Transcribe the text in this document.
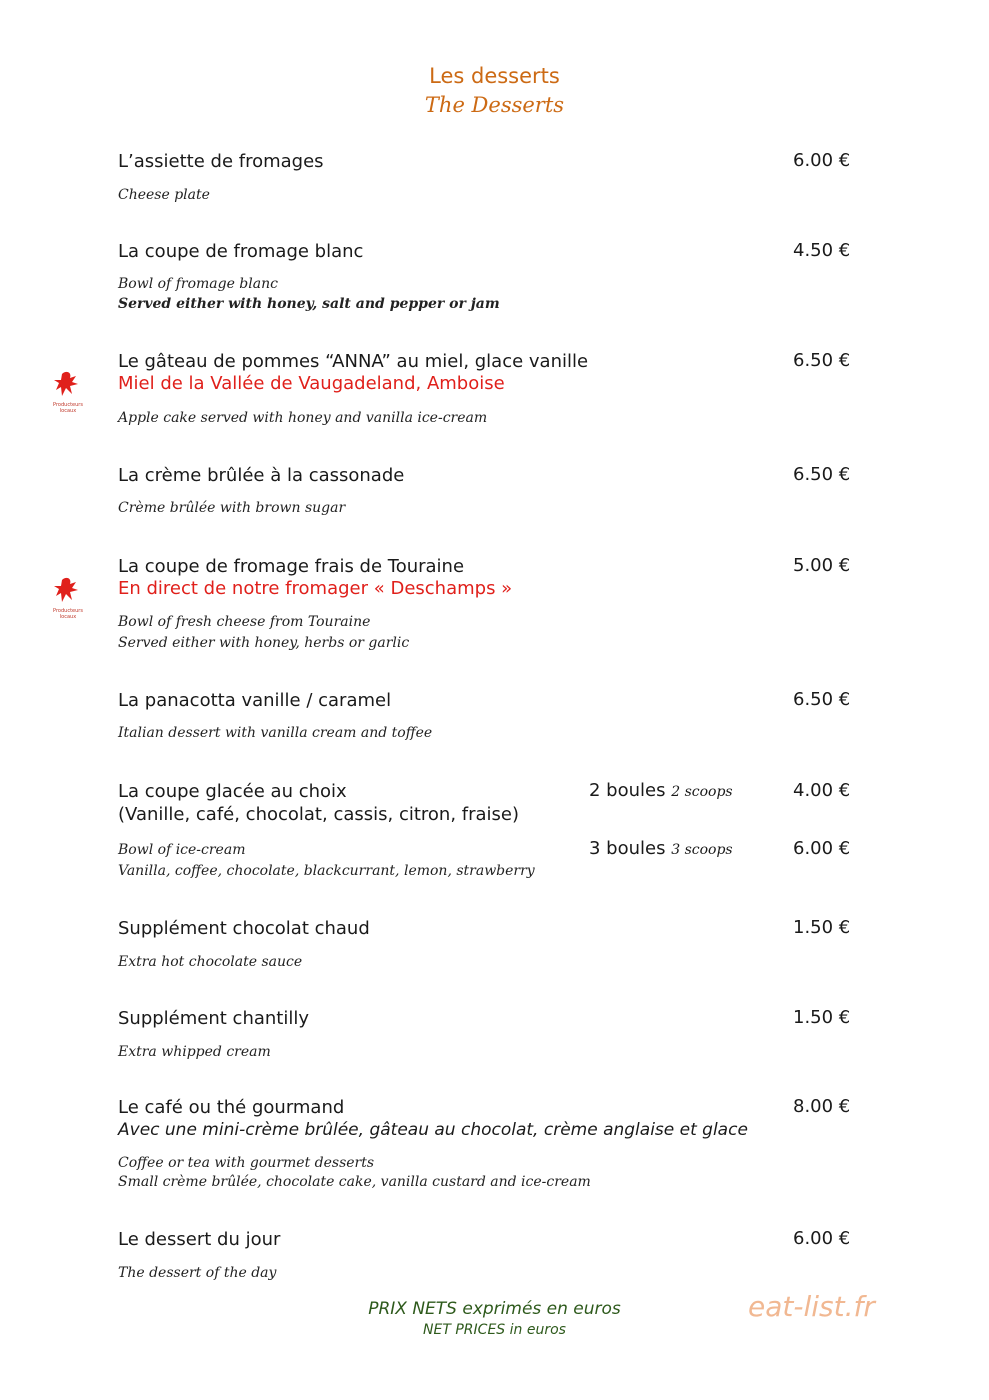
Les desserts
The Desserts
L’assiette de fromages	6.00 €
Cheese plate
La coupe de fromage blanc	4.50 €
Bowl of fromage blanc
Served either with honey, salt and pepper or jam
Producteurs locaux
Le gâteau de pommes “ANNA” au miel, glace vanille	6.50 €
Miel de la Vallée de Vaugadeland, Amboise
Apple cake served with honey and vanilla ice-cream
La crème brûlée à la cassonade	6.50 €
Crème brûlée with brown sugar
Producteurs locaux
La coupe de fromage frais de Touraine	5.00 €
En direct de notre fromager « Deschamps »
Bowl of fresh cheese from Touraine
Served either with honey, herbs or garlic
La panacotta vanille / caramel	6.50 €
Italian dessert with vanilla cream and toffee
La coupe glacée au choix
(Vanille, café, chocolat, cassis, citron, fraise)
2 boules 2 scoops	4.00 €
Bowl of ice-cream
Vanilla, coffee, chocolate, blackcurrant, lemon, strawberry
3 boules 3 scoops	6.00 €
Supplément chocolat chaud	1.50 €
Extra hot chocolate sauce
Supplément chantilly	1.50 €
Extra whipped cream
Le café ou thé gourmand	8.00 €
Avec une mini-crème brûlée, gâteau au chocolat, crème anglaise et glace
Coffee or tea with gourmet desserts
Small crème brûlée, chocolate cake, vanilla custard and ice-cream
Le dessert du jour	6.00 €
The dessert of the day
PRIX NETS exprimés en euros
NET PRICES in euros
eat-list.fr
